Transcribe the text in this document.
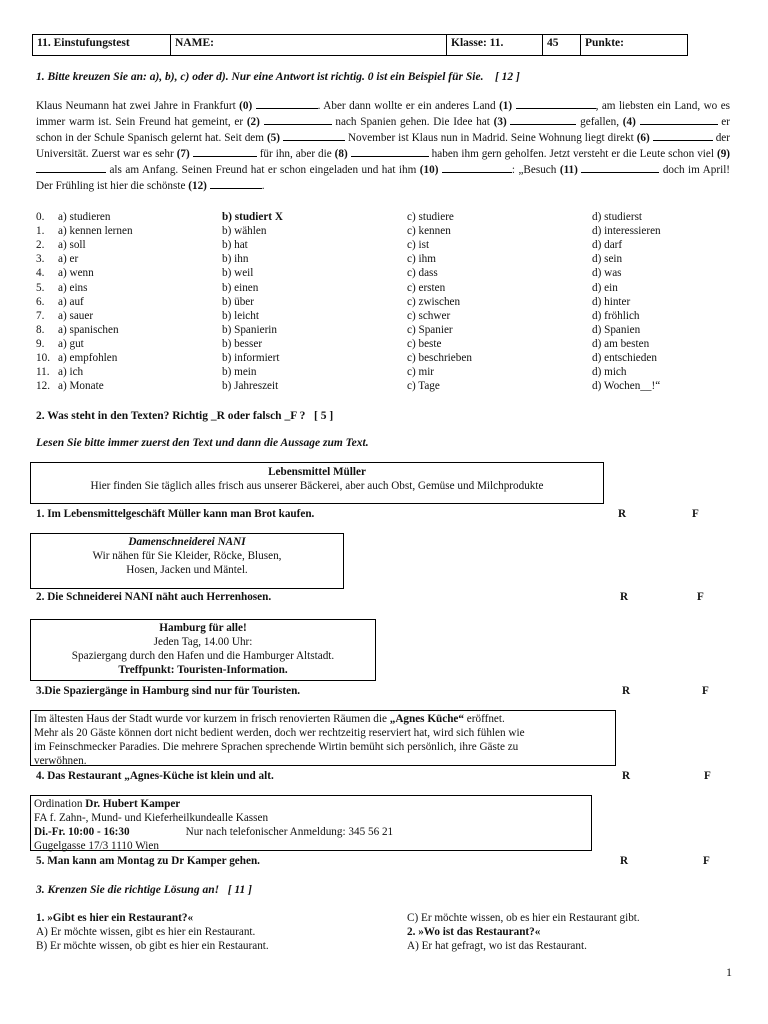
11. Einstufungstest	NAME:	Klasse: 11.	45	Punkte:
1. Bitte kreuzen Sie an: a), b), c) oder d). Nur eine Antwort ist richtig. 0 ist ein Beispiel für Sie. [ 12 ]
Klaus Neumann hat zwei Jahre in Frankfurt (0)	. Aber dann wollte er ein anderes Land (1)	, am liebsten ein Land, wo es immer warm ist. Sein Freund hat gemeint, er (2)	nach Spanien gehen. Die Idee hat (3)	gefallen, (4)	er schon in der Schule Spanisch gelernt hat. Seit dem (5)	November ist Klaus nun in Madrid. Seine Wohnung liegt direkt (6)	der Universität. Zuerst war es sehr (7)	für ihn, aber die (8)	haben ihm gern geholfen. Jetzt versteht er die Leute schon viel (9)  als am Anfang. Seinen Freund hat er schon eingeladen und hat ihm (10)	: „Besuch (11)	doch im April! Der Frühling ist hier die schönste (12)	.
0. a) studieren	b) studiert X	c) studiere	d) studierst
1. a) kennen lernen	b) wählen	c) kennen	d) interessieren
2. a) soll	b) hat	c) ist	d) darf
3. a) er	b) ihn	c) ihm	d) sein
4. a) wenn	b) weil	c) dass	d) was
5. a) eins	b) einen	c) ersten	d) ein
6. a) auf	b) über	c) zwischen	d) hinter
7. a) sauer	b) leicht	c) schwer	d) fröhlich
8. a) spanischen	b) Spanierin	c) Spanier	d) Spanien
9. a) gut	b) besser	c) beste	d) am besten
10. a) empfohlen	b) informiert	c) beschrieben	d) entschieden
11. a) ich	b) mein	c) mir	d) mich
12. a) Monate	b) Jahreszeit	c) Tage	d) Wochen__!“
2. Was steht in den Texten? Richtig _R oder falsch _F ? [ 5 ]
Lesen Sie bitte immer zuerst den Text und dann die Aussage zum Text.
Lebensmittel Müller
Hier finden Sie täglich alles frisch aus unserer Bäckerei, aber auch Obst, Gemüse und Milchprodukte
1. Im Lebensmittelgeschäft Müller kann man Brot kaufen.	R	F
Damenschneiderei NANI
Wir nähen für Sie Kleider, Röcke, Blusen,
Hosen, Jacken und Mäntel.
2. Die Schneiderei NANI näht auch Herrenhosen.	R	F
Hamburg für alle!
Jeden Tag, 14.00 Uhr:
Spaziergang durch den Hafen und die Hamburger Altstadt.
Treffpunkt: Touristen-Information.
3.Die Spaziergänge in Hamburg sind nur für Touristen.	R	F
Im ältesten Haus der Stadt wurde vor kurzem in frisch renovierten Räumen die „Agnes Küche“ eröffnet.
Mehr als 20 Gäste können dort nicht bedient werden, doch wer rechtzeitig reserviert hat, wird sich fühlen wie
im Feinschmecker Paradies. Die mehrere Sprachen sprechende Wirtin bemüht sich persönlich, ihre Gäste zu
verwöhnen.
4. Das Restaurant „Agnes-Küche ist klein und alt.	R	F
Ordination Dr. Hubert Kamper
FA f. Zahn-, Mund- und Kieferheilkundealle Kassen
Di.-Fr. 10:00 - 16:30	Nur nach telefonischer Anmeldung: 345 56 21
Gugelgasse 17/3 1110 Wien
5. Man kann am Montag zu Dr Kamper gehen.	R	F
3. Krenzen Sie die richtige Lösung an! [ 11 ]
1. »Gibt es hier ein Restaurant?«
A) Er möchte wissen, gibt es hier ein Restaurant.
B) Er möchte wissen, ob gibt es hier ein Restaurant.
C) Er möchte wissen, ob es hier ein Restaurant gibt.
2. »Wo ist das Restaurant?«
A) Er hat gefragt, wo ist das Restaurant.
1
